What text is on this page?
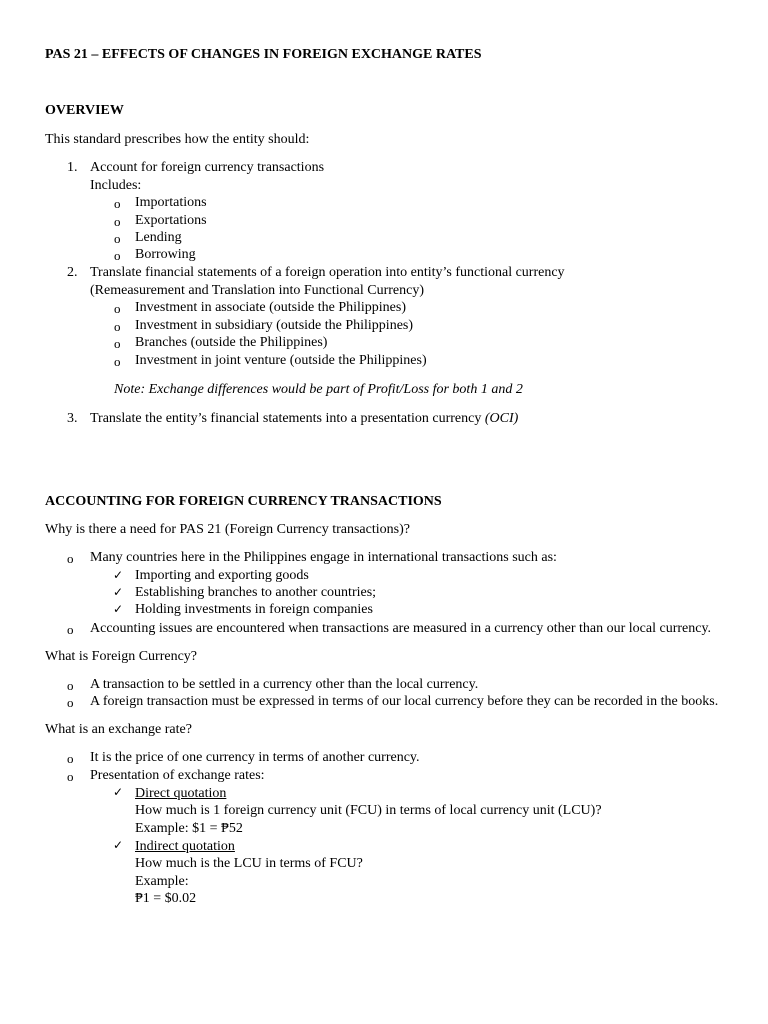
PAS 21 – EFFECTS OF CHANGES IN FOREIGN EXCHANGE RATES
OVERVIEW
This standard prescribes how the entity should:
1. Account for foreign currency transactions
Includes:
o Importations
o Exportations
o Lending
o Borrowing
2. Translate financial statements of a foreign operation into entity’s functional currency
(Remeasurement and Translation into Functional Currency)
o Investment in associate (outside the Philippines)
o Investment in subsidiary (outside the Philippines)
o Branches (outside the Philippines)
o Investment in joint venture (outside the Philippines)
Note: Exchange differences would be part of Profit/Loss for both 1 and 2
3. Translate the entity’s financial statements into a presentation currency (OCI)
ACCOUNTING FOR FOREIGN CURRENCY TRANSACTIONS
Why is there a need for PAS 21 (Foreign Currency transactions)?
o Many countries here in the Philippines engage in international transactions such as:
✓ Importing and exporting goods
✓ Establishing branches to another countries;
✓ Holding investments in foreign companies
o Accounting issues are encountered when transactions are measured in a currency other than our local currency.
What is Foreign Currency?
o A transaction to be settled in a currency other than the local currency.
o A foreign transaction must be expressed in terms of our local currency before they can be recorded in the books.
What is an exchange rate?
o It is the price of one currency in terms of another currency.
o Presentation of exchange rates:
✓ Direct quotation
How much is 1 foreign currency unit (FCU) in terms of local currency unit (LCU)?
Example: $1 = ₱52
✓ Indirect quotation
How much is the LCU in terms of FCU?
Example:
₱1 = $0.02
